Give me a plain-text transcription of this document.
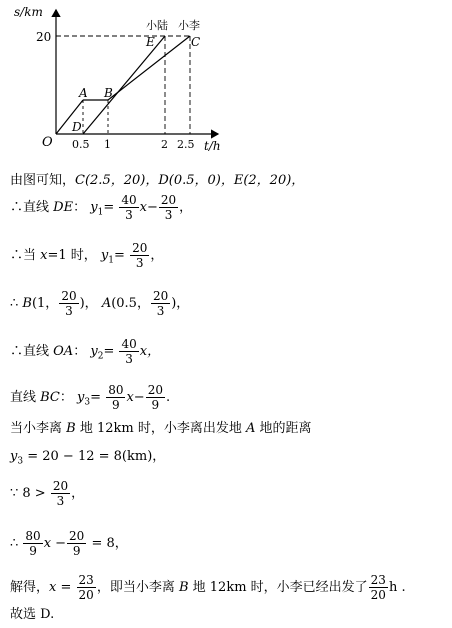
s/km
t/h
O
20
0.5 1	2 2.5
A B
D
E	C
小陆 小李
由图可知，C(2.5，20)，D(0.5，0)，E(2，20)，
∴直线 DE： $y_1= \frac{40}{3} x- \frac{20}{3}$ ，
∴当 x=1 时， $y_1= \frac{20}{3}$ ，
∴ B(1， $\frac{20}{3}$ )， A(0.5， $\frac{20}{3}$ )，
∴直线 OA： $y_2= \frac{40}{3}$ x，
直线 BC： $y_3= \frac{80}{9} x- \frac{20}{9}$ .
当小李离 B 地 12km 时，小李离出发地 A 地的距离
$y_3 = 20 - 12 = 8(km)$，
∵ $8 > \frac{20}{3}$ ，
∴ $\frac{80}{9}$ $x - \frac{20}{9} = 8$，
解得，$x = \frac{23}{20}$ ，即当小李离 B 地 12km 时，小李已经出发了 $\frac{23}{20}$ h .
故选 D.
